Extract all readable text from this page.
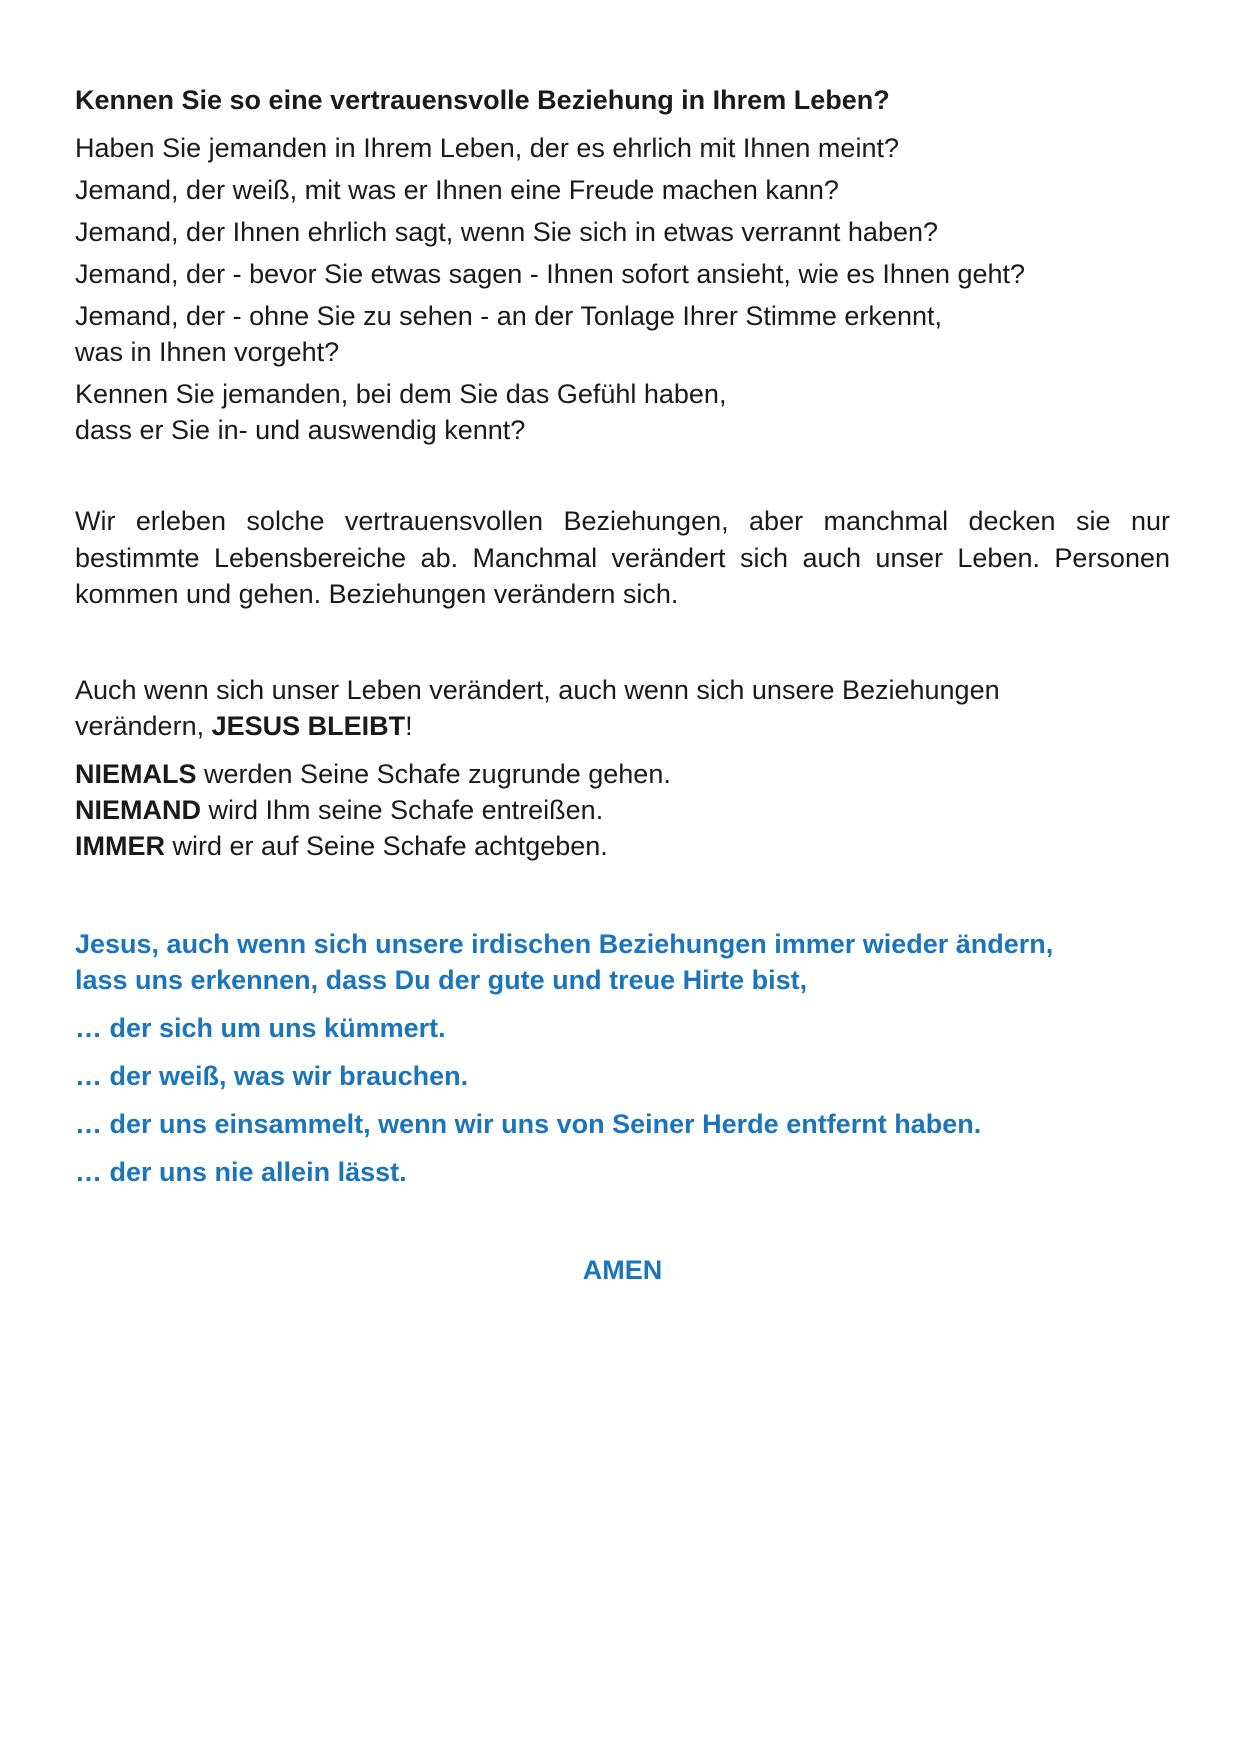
Kennen Sie so eine vertrauensvolle Beziehung in Ihrem Leben?
Haben Sie jemanden in Ihrem Leben, der es ehrlich mit Ihnen meint?
Jemand, der weiß, mit was er Ihnen eine Freude machen kann?
Jemand, der Ihnen ehrlich sagt, wenn Sie sich in etwas verrannt haben?
Jemand, der - bevor Sie etwas sagen - Ihnen sofort ansieht, wie es Ihnen geht?
Jemand, der - ohne Sie zu sehen - an der Tonlage Ihrer Stimme erkennt,
was in Ihnen vorgeht?
Kennen Sie jemanden, bei dem Sie das Gefühl haben,
dass er Sie in- und auswendig kennt?
Wir erleben solche vertrauensvollen Beziehungen, aber manchmal decken sie nur bestimmte Lebensbereiche ab. Manchmal verändert sich auch unser Leben. Personen kommen und gehen. Beziehungen verändern sich.
Auch wenn sich unser Leben verändert, auch wenn sich unsere Beziehungen
verändern, JESUS BLEIBT!
NIEMALS werden Seine Schafe zugrunde gehen.
NIEMAND wird Ihm seine Schafe entreißen.
IMMER wird er auf Seine Schafe achtgeben.
Jesus, auch wenn sich unsere irdischen Beziehungen immer wieder ändern,
lass uns erkennen, dass Du der gute und treue Hirte bist,
… der sich um uns kümmert.
… der weiß, was wir brauchen.
… der uns einsammelt, wenn wir uns von Seiner Herde entfernt haben.
… der uns nie allein lässt.
AMEN
